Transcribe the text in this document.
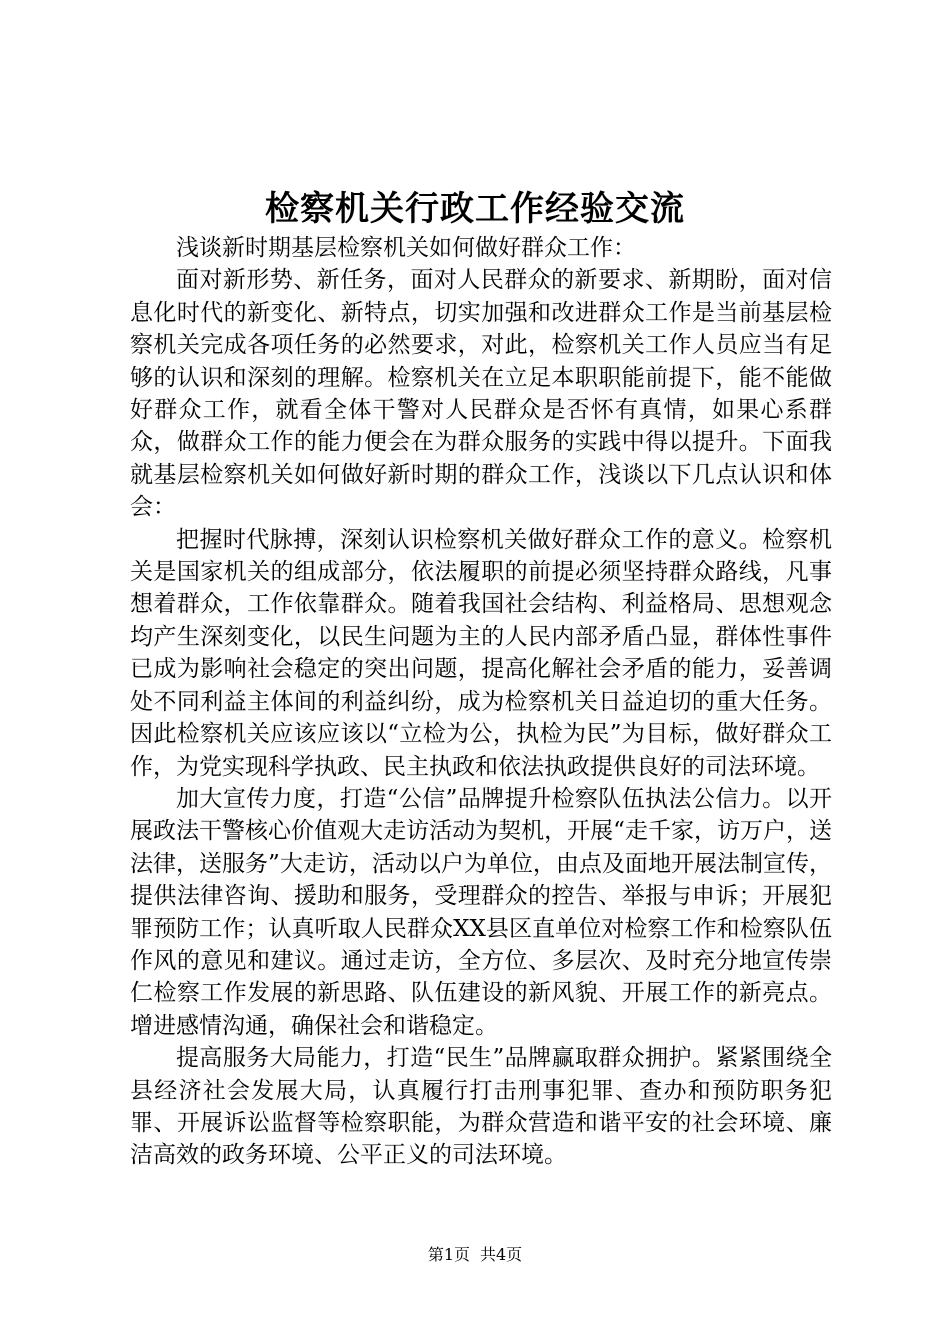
检察机关行政工作经验交流

浅谈新时期基层检察机关如何做好群众工作：

面对新形势、新任务，面对人民群众的新要求、新期盼，面对信息化时代的新变化、新特点，切实加强和改进群众工作是当前基层检察机关完成各项任务的必然要求，对此，检察机关工作人员应当有足够的认识和深刻的理解。检察机关在立足本职职能前提下，能不能做好群众工作，就看全体干警对人民群众是否怀有真情，如果心系群众，做群众工作的能力便会在为群众服务的实践中得以提升。下面我就基层检察机关如何做好新时期的群众工作，浅谈以下几点认识和体会：

把握时代脉搏，深刻认识检察机关做好群众工作的意义。检察机关是国家机关的组成部分，依法履职的前提必须坚持群众路线，凡事想着群众，工作依靠群众。随着我国社会结构、利益格局、思想观念均产生深刻变化，以民生问题为主的人民内部矛盾凸显，群体性事件已成为影响社会稳定的突出问题，提高化解社会矛盾的能力，妥善调处不同利益主体间的利益纠纷，成为检察机关日益迫切的重大任务。因此检察机关应该应该以“立检为公，执检为民”为目标，做好群众工作，为党实现科学执政、民主执政和依法执政提供良好的司法环境。

加大宣传力度，打造“公信”品牌提升检察队伍执法公信力。以开展政法干警核心价值观大走访活动为契机，开展“走千家，访万户，送法律，送服务”大走访，活动以户为单位，由点及面地开展法制宣传，提供法律咨询、援助和服务，受理群众的控告、举报与申诉；开展犯罪预防工作；认真听取人民群众XX县区直单位对检察工作和检察队伍作风的意见和建议。通过走访，全方位、多层次、及时充分地宣传崇仁检察工作发展的新思路、队伍建设的新风貌、开展工作的新亮点。增进感情沟通，确保社会和谐稳定。

提高服务大局能力，打造“民生”品牌赢取群众拥护。紧紧围绕全县经济社会发展大局，认真履行打击刑事犯罪、查办和预防职务犯罪、开展诉讼监督等检察职能，为群众营造和谐平安的社会环境、廉洁高效的政务环境、公平正义的司法环境。

第1页 共4页
